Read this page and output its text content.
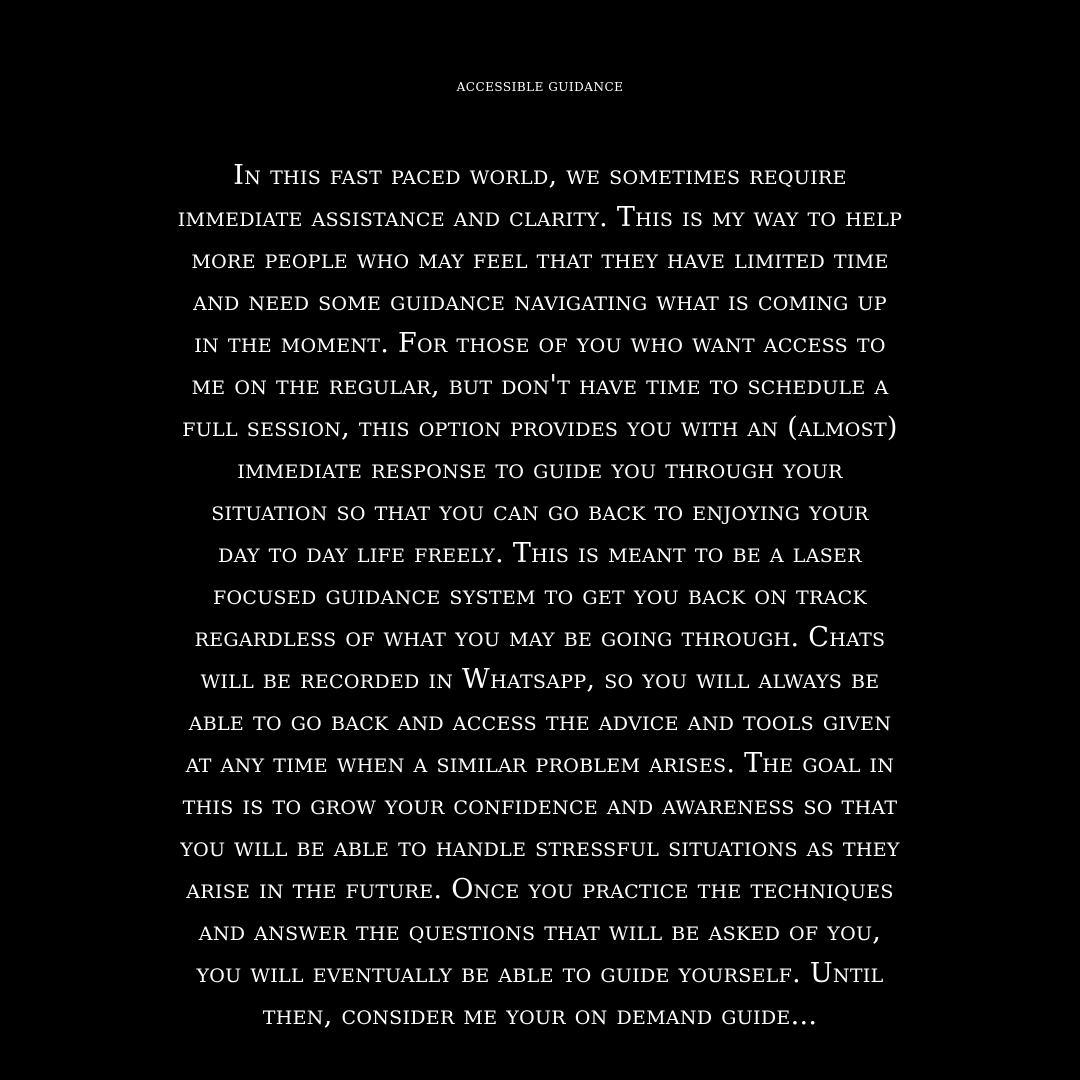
ACCESSIBLE GUIDANCE
In this fast paced world, we sometimes require
immediate assistance and clarity. This is my way to help
more people who may feel that they have limited time
and need some guidance navigating what is coming up
in the moment. For those of you who want access to
me on the regular, but don't have time to schedule a
full session, this option provides you with an (almost)
immediate response to guide you through your
situation so that you can go back to enjoying your
day to day life freely. This is meant to be a laser
focused guidance system to get you back on track
regardless of what you may be going through. Chats
will be recorded in Whatsapp, so you will always be
able to go back and access the advice and tools given
at any time when a similar problem arises. The goal in
this is to grow your confidence and awareness so that
you will be able to handle stressful situations as they
arise in the future. Once you practice the techniques
and answer the questions that will be asked of you,
you will eventually be able to guide yourself. Until
then, consider me your on demand guide...
